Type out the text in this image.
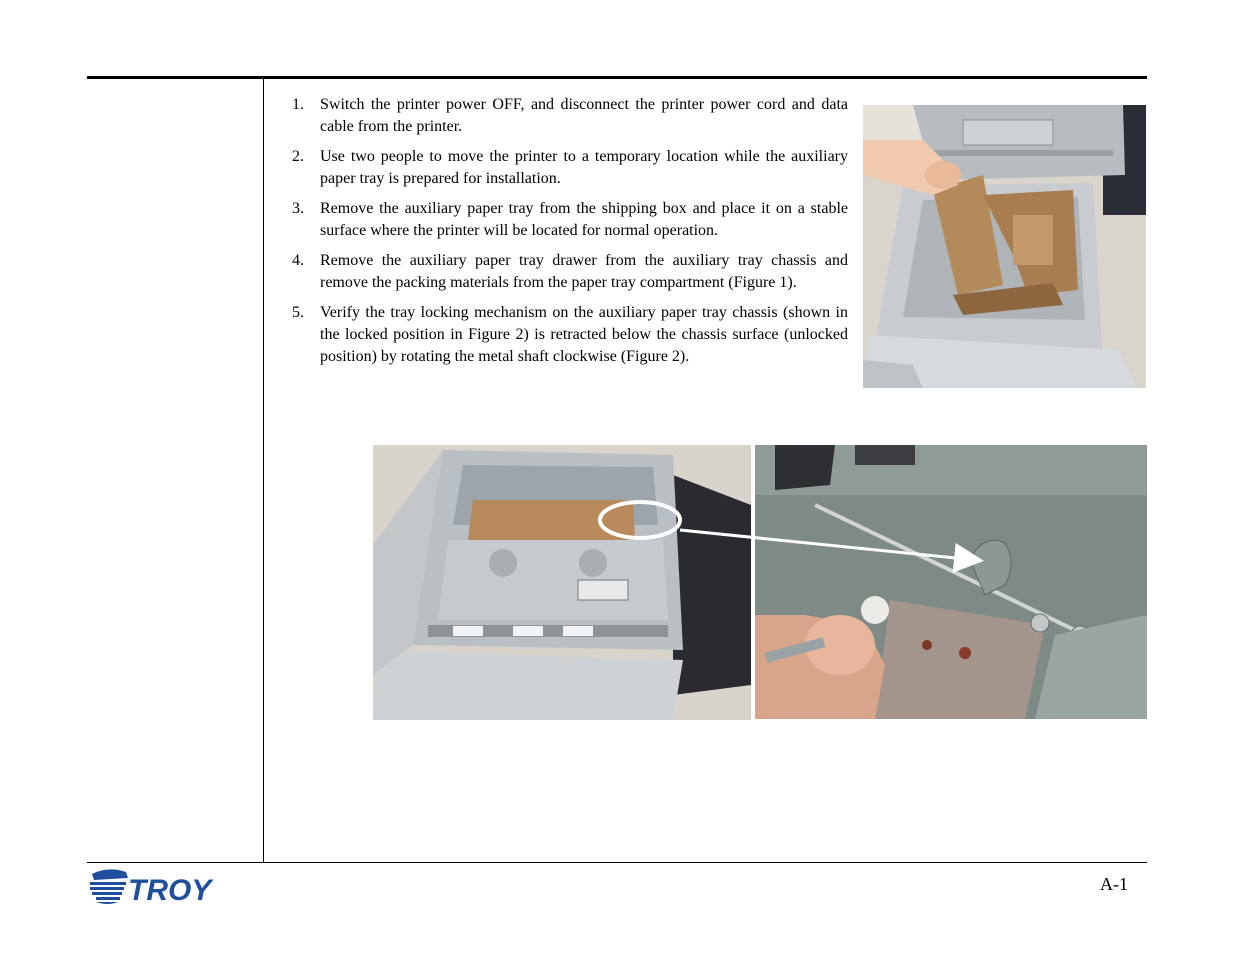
1. Switch the printer power OFF, and disconnect the printer power cord and data cable from the printer.
2. Use two people to move the printer to a temporary location while the auxiliary paper tray is prepared for installation.
3. Remove the auxiliary paper tray from the shipping box and place it on a stable surface where the printer will be located for normal operation.
4. Remove the auxiliary paper tray drawer from the auxiliary tray chassis and remove the packing materials from the paper tray compartment (Figure 1).
5. Verify the tray locking mechanism on the auxiliary paper tray chassis (shown in the locked position in Figure 2) is retracted below the chassis surface (unlocked position) by rotating the metal shaft clockwise (Figure 2).
TROY	A-1
